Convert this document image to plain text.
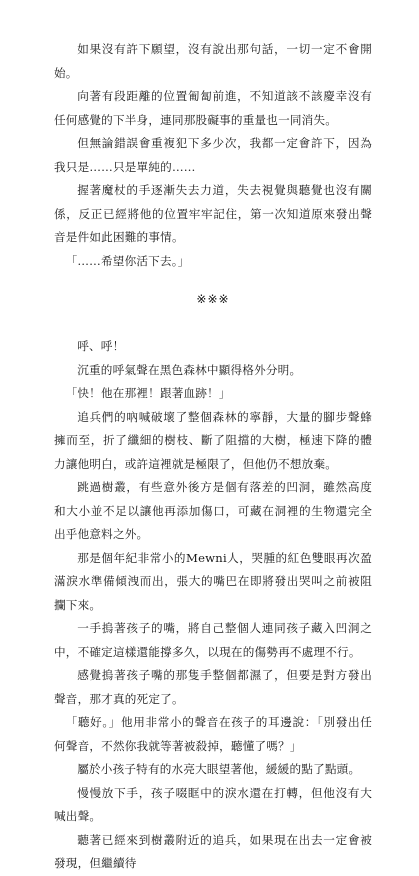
如果沒有許下願望，沒有說出那句話，一切一定不會開始。

向著有段距離的位置匍匐前進，不知道該不該慶幸沒有任何感覺的下半身，連同那股礙事的重量也一同消失。

但無論錯誤會重複犯下多少次，我都一定會許下，因為我只是……只是單純的……

握著魔杖的手逐漸失去力道，失去視覺與聽覺也沒有關係，反正已經將他的位置牢牢記住，第一次知道原來發出聲音是件如此困難的事情。

「……希望你活下去。」

※※※

呼、呼！

沉重的呼氣聲在黑色森林中顯得格外分明。

「快！他在那裡！跟著血跡！」

追兵們的吶喊破壞了整個森林的寧靜，大量的腳步聲蜂擁而至，折了纖細的樹枝、斷了阻擋的大樹，極速下降的體力讓他明白，或許這裡就是極限了，但他仍不想放棄。

跳過樹叢，有些意外後方是個有落差的凹洞，雖然高度和大小並不足以讓他再添加傷口，可藏在洞裡的生物還完全出乎他意料之外。

那是個年紀非常小的Mewni人，哭腫的紅色雙眼再次盈滿淚水準備傾洩而出，張大的嘴巴在即將發出哭叫之前被阻攔下來。

一手摀著孩子的嘴，將自己整個人連同孩子藏入凹洞之中，不確定這樣還能撐多久，以現在的傷勢再不處理不行。

感覺摀著孩子嘴的那隻手整個都濕了，但要是對方發出聲音，那才真的死定了。

「聽好。」他用非常小的聲音在孩子的耳邊說：「別發出任何聲音，不然你我就等著被殺掉，聽懂了嗎？」

屬於小孩子特有的水亮大眼望著他，緩緩的點了點頭。

慢慢放下手，孩子啜眶中的淚水還在打轉，但他沒有大喊出聲。

聽著已經來到樹叢附近的追兵，如果現在出去一定會被發現，但繼續待
